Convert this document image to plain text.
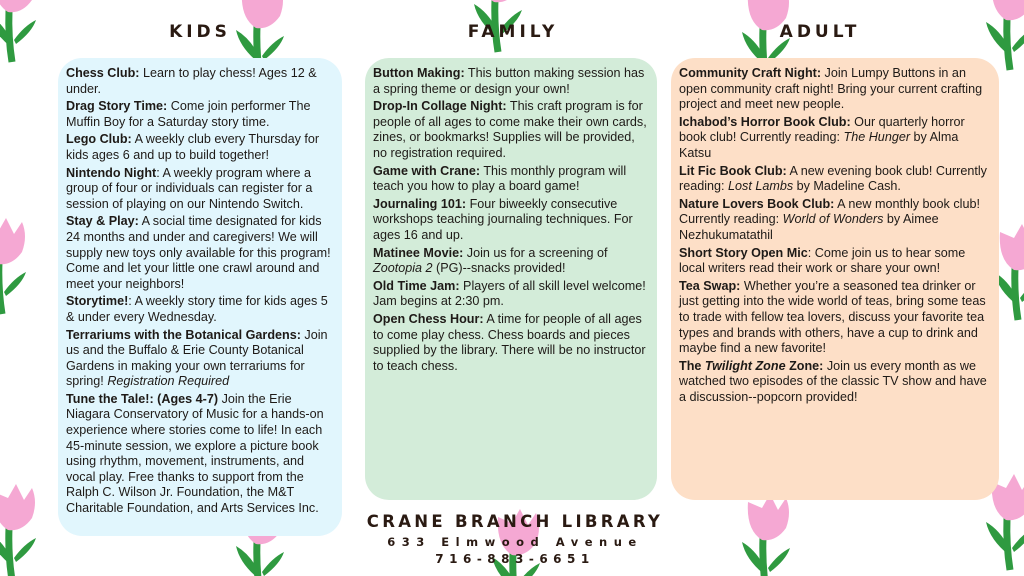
KIDS	FAMILY	ADULT

Chess Club: Learn to play chess! Ages 12 & under.

Drag Story Time: Come join performer The Muffin Boy for a Saturday story time.

Lego Club: A weekly club every Thursday for kids ages 6 and up to build together!

Nintendo Night: A weekly program where a group of four or individuals can register for a session of playing on our Nintendo Switch.

Stay & Play: A social time designated for kids 24 months and under and caregivers! We will supply new toys only available for this program! Come and let your little one crawl around and meet your neighbors!

Storytime!: A weekly story time for kids ages 5 & under every Wednesday.

Terrariums with the Botanical Gardens: Join us and the Buffalo & Erie County Botanical Gardens in making your own terrariums for spring! Registration Required

Tune the Tale!: (Ages 4-7) Join the Erie Niagara Conservatory of Music for a hands-on experience where stories come to life! In each 45-minute session, we explore a picture book using rhythm, movement, instruments, and vocal play. Free thanks to support from the Ralph C. Wilson Jr. Foundation, the M&T Charitable Foundation, and Arts Services Inc.

Button Making: This button making session has a spring theme or design your own!

Drop-In Collage Night: This craft program is for people of all ages to come make their own cards, zines, or bookmarks! Supplies will be provided, no registration required.

Game with Crane: This monthly program will teach you how to play a board game!

Journaling 101: Four biweekly consecutive workshops teaching journaling techniques. For ages 16 and up.

Matinee Movie: Join us for a screening of Zootopia 2 (PG)--snacks provided!

Old Time Jam: Players of all skill level welcome! Jam begins at 2:30 pm.

Open Chess Hour: A time for people of all ages to come play chess. Chess boards and pieces supplied by the library. There will be no instructor to teach chess.

Community Craft Night: Join Lumpy Buttons in an open community craft night! Bring your current crafting project and meet new people.

Ichabod’s Horror Book Club: Our quarterly horror book club! Currently reading: The Hunger by Alma Katsu

Lit Fic Book Club: A new evening book club! Currently reading: Lost Lambs by Madeline Cash.

Nature Lovers Book Club: A new monthly book club! Currently reading: World of Wonders by Aimee Nezhukumatathil

Short Story Open Mic: Come join us to hear some local writers read their work or share your own!

Tea Swap: Whether you’re a seasoned tea drinker or just getting into the wide world of teas, bring some teas to trade with fellow tea lovers, discuss your favorite tea types and brands with others, have a cup to drink and maybe find a new favorite!

The Twilight Zone Zone: Join us every month as we watched two episodes of the classic TV show and have a discussion--popcorn provided!

CRANE BRANCH LIBRARY
633 Elmwood Avenue
716-883-6651
